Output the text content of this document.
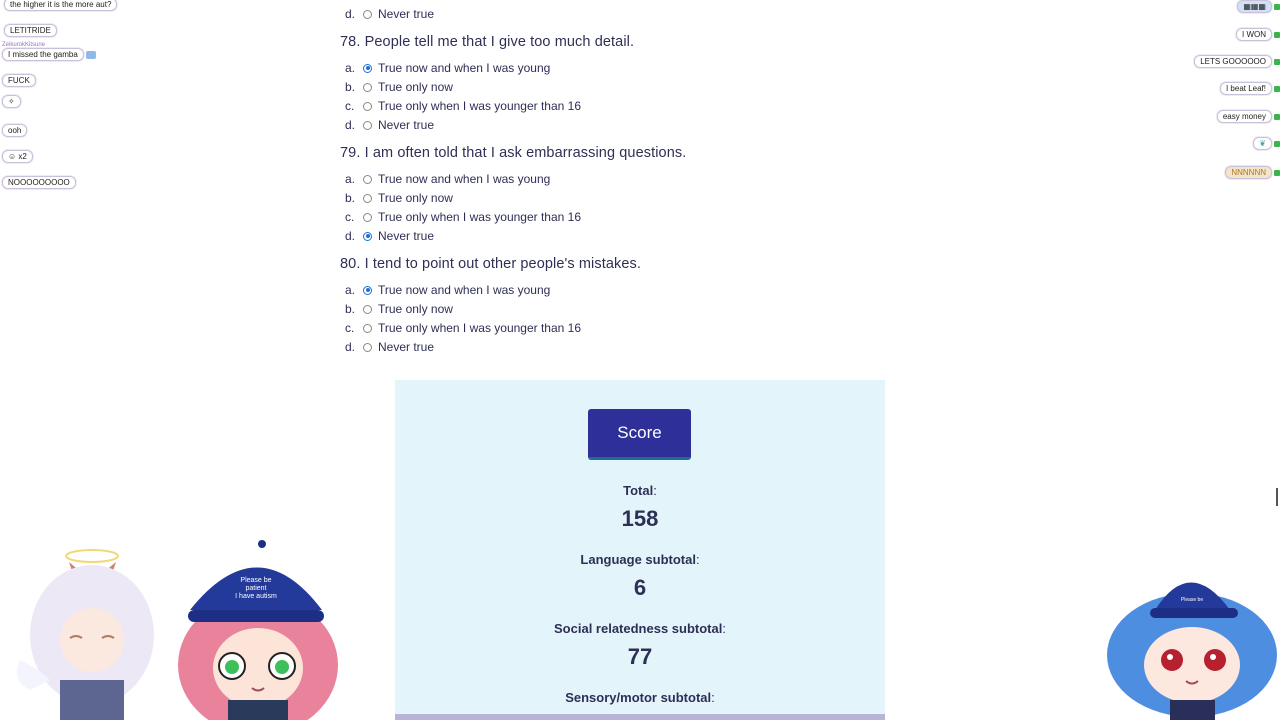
d.	Never true
78. People tell me that I give too much detail.
a.	True now and when I was young
b.	True only now
c.	True only when I was younger than 16
d.	Never true
79. I am often told that I ask embarrassing questions.
a.	True now and when I was young
b.	True only now
c.	True only when I was younger than 16
d.	Never true
80. I tend to point out other people's mistakes.
a.	True now and when I was young
b.	True only now
c.	True only when I was younger than 16
d.	Never true
Score
Total:
158
Language subtotal:
6
Social relatedness subtotal:
77
Sensory/motor subtotal:
the higher it is the more aut?

LETITRIDE
ZeikurokKitsune
I missed the gamba

FUCK
✧

ooh

☺ x2

NOOOOOOOOO
▦▦▦

I WON

LETS GOOOOOO

I beat Leaf!

easy money

❦

NNNNNN
Please be
patient
I have autism	Please be
